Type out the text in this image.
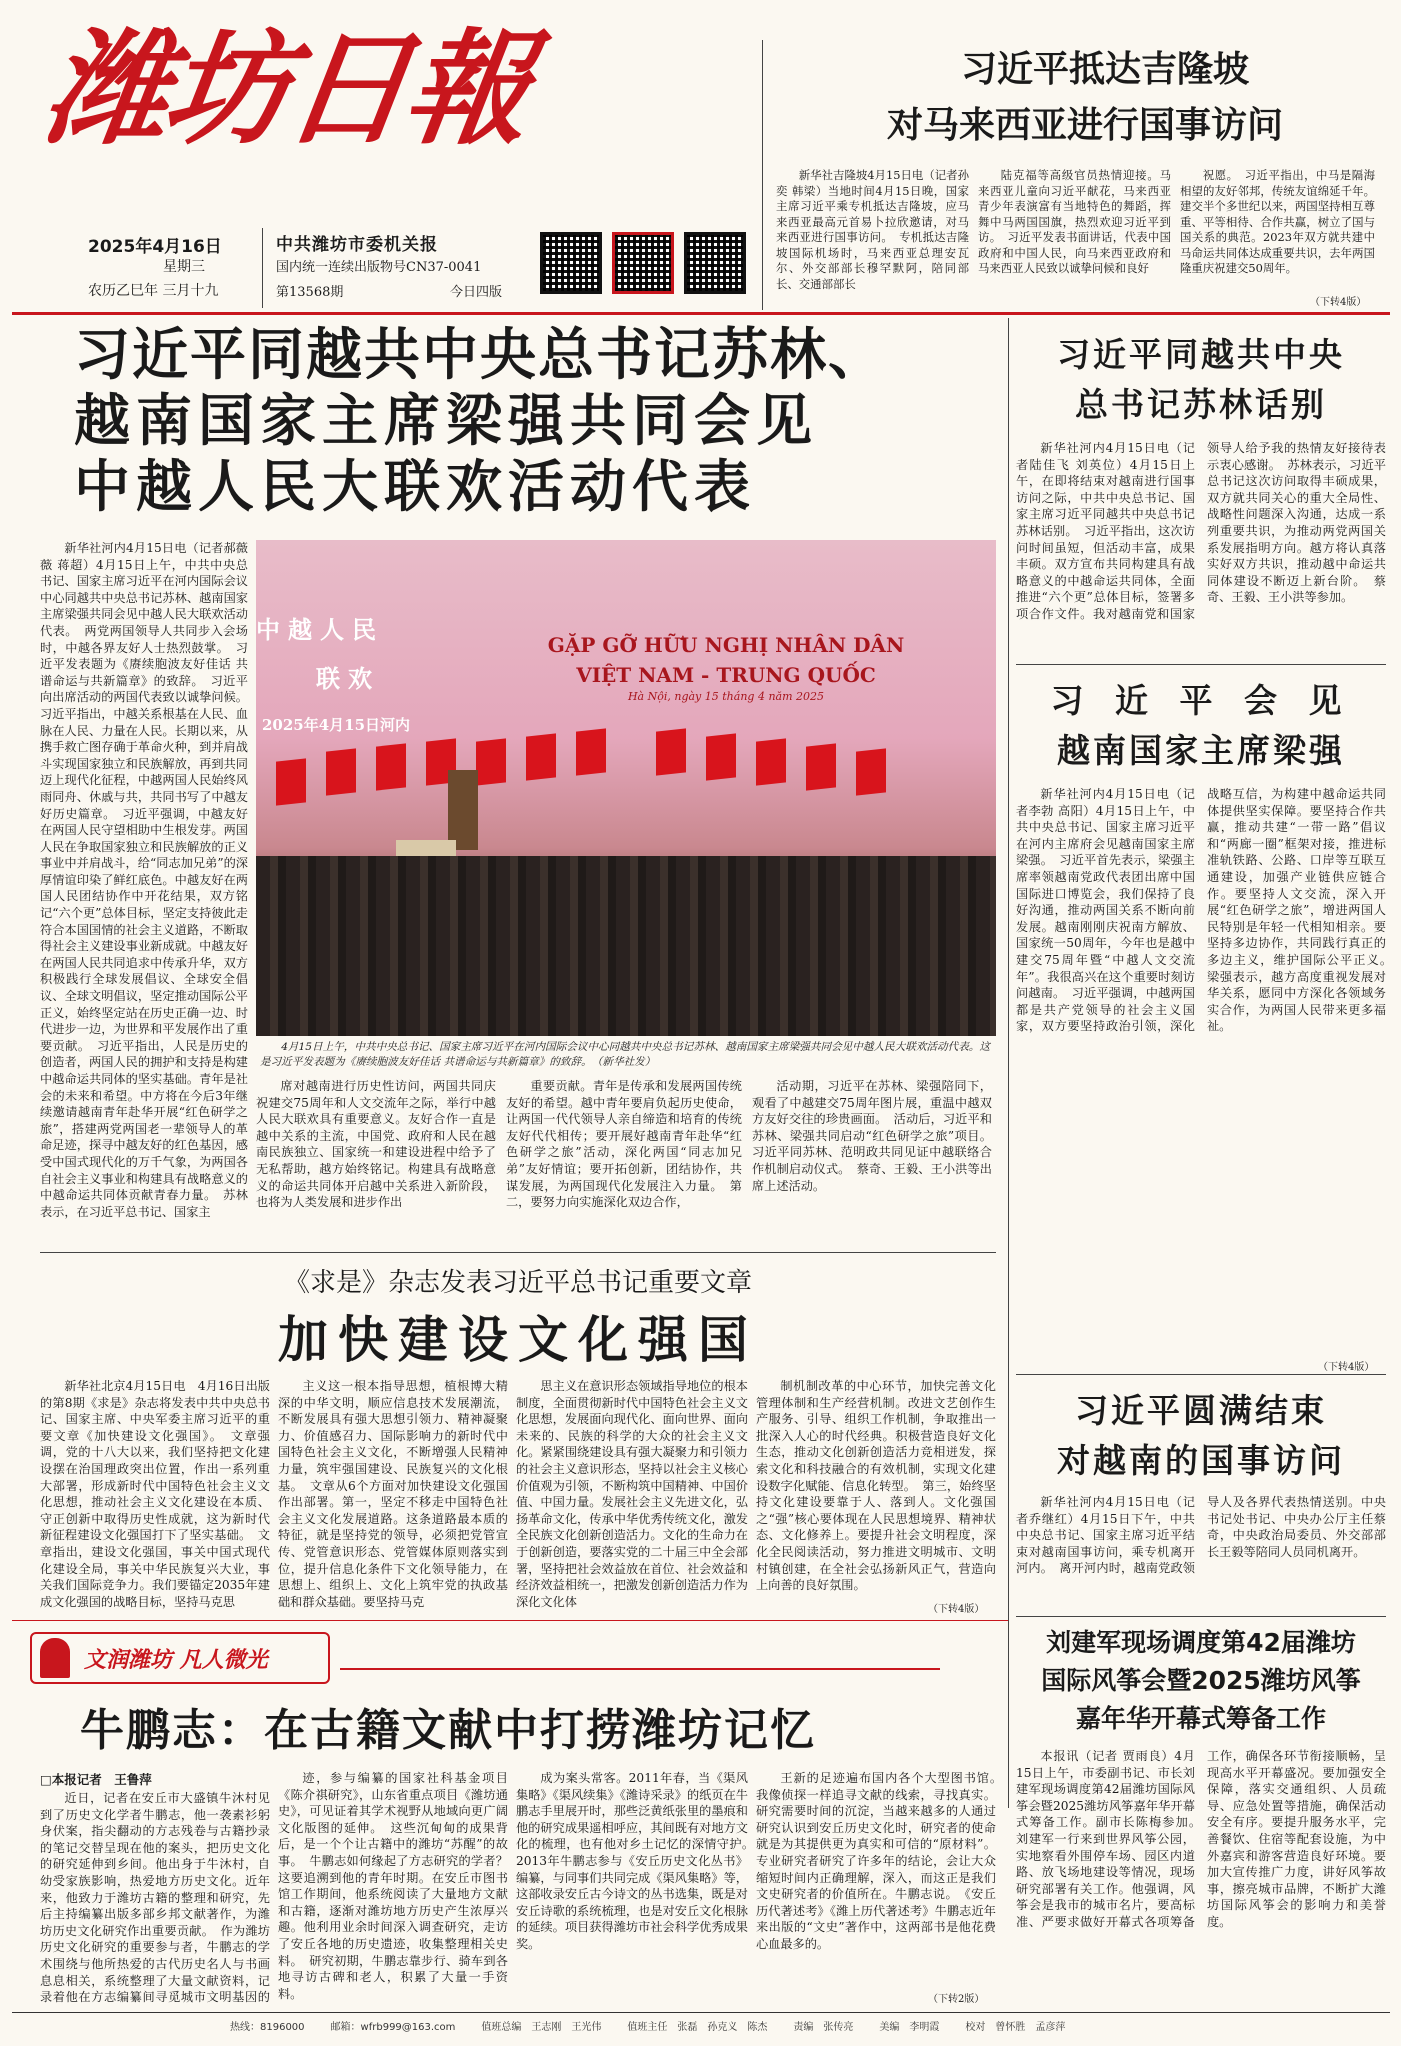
潍坊日報
2025年4月16日
星期三
农历乙巳年 三月十九
中共潍坊市委机关报
国内统一连续出版物号CN37-0041
第13568期	今日四版
习近平抵达吉隆坡
对马来西亚进行国事访问
新华社吉隆坡4月15日电（记者孙奕 韩梁）当地时间4月15日晚，国家主席习近平乘专机抵达吉隆坡，应马来西亚最高元首易卜拉欣邀请，对马来西亚进行国事访问。　专机抵达吉隆坡国际机场时，马来西亚总理安瓦尔、外交部部长穆罕默阿，陪同部长、交通部部长
陆克福等高级官员热情迎接。马来西亚儿童向习近平献花，马来西亚青少年表演富有当地特色的舞蹈，挥舞中马两国国旗，热烈欢迎习近平到访。　习近平发表书面讲话，代表中国政府和中国人民，向马来西亚政府和马来西亚人民致以诚挚问候和良好
祝愿。　习近平指出，中马是隔海相望的友好邻邦，传统友谊绵延千年。建交半个多世纪以来，两国坚持相互尊重、平等相待、合作共赢，树立了国与国关系的典范。2023年双方就共建中马命运共同体达成重要共识，去年两国隆重庆祝建交50周年。
（下转4版）
习近平同越共中央总书记苏林、
越南国家主席梁强共同会见
中越人民大联欢活动代表
新华社河内4月15日电（记者郝薇薇 蒋超）4月15日上午，中共中央总书记、国家主席习近平在河内国际会议中心同越共中央总书记苏林、越南国家主席梁强共同会见中越人民大联欢活动代表。　两党两国领导人共同步入会场时，中越各界友好人士热烈鼓掌。　习近平发表题为《赓续胞波友好佳话 共谱命运与共新篇章》的致辞。　习近平向出席活动的两国代表致以诚挚问候。习近平指出，中越关系根基在人民、血脉在人民、力量在人民。长期以来，从携手救亡图存确于革命火种，到并肩战斗实现国家独立和民族解放，再到共同迈上现代化征程，中越两国人民始终风雨同舟、休戚与共，共同书写了中越友好历史篇章。　习近平强调，中越友好在两国人民守望相助中生根发芽。两国人民在争取国家独立和民族解放的正义事业中并肩战斗，给“同志加兄弟”的深厚情谊印染了鲜红底色。中越友好在两国人民团结协作中开花结果，双方铭记“六个更”总体目标，坚定支持彼此走符合本国国情的社会主义道路，不断取得社会主义建设事业新成就。中越友好在两国人民共同追求中传承升华，双方积极践行全球发展倡议、全球安全倡议、全球文明倡议，坚定推动国际公平正义，始终坚定站在历史正确一边、时代进步一边，为世界和平发展作出了重要贡献。　习近平指出，人民是历史的创造者，两国人民的拥护和支持是构建中越命运共同体的坚实基础。青年是社会的未来和希望。中方将在今后3年继续邀请越南青年赴华开展“红色研学之旅”，搭建两党两国老一辈领导人的革命足迹，探寻中越友好的红色基因，感受中国式现代化的万千气象，为两国各自社会主义事业和构建具有战略意义的中越命运共同体贡献青春力量。　苏林表示，在习近平总书记、国家主
中越人民
联欢
2025年4月15日河内
GẶP GỠ HỮU NGHỊ NHÂN DÂN
VIỆT NAM - TRUNG QUỐC
Hà Nội, ngày 15 tháng 4 năm 2025
4月15日上午，中共中央总书记、国家主席习近平在河内国际会议中心同越共中央总书记苏林、越南国家主席梁强共同会见中越人民大联欢活动代表。这是习近平发表题为《赓续胞波友好佳话 共谱命运与共新篇章》的致辞。　（新华社发）
席对越南进行历史性访问，两国共同庆祝建交75周年和人文交流年之际，举行中越人民大联欢具有重要意义。友好合作一直是越中关系的主流，中国党、政府和人民在越南民族独立、国家统一和建设进程中给予了无私帮助，越方始终铭记。构建具有战略意义的命运共同体开启越中关系进入新阶段，也将为人类发展和进步作出
重要贡献。青年是传承和发展两国传统友好的希望。越中青年要肩负起历史使命，让两国一代代领导人亲自缔造和培育的传统友好代代相传；要开展好越南青年赴华“红色研学之旅”活动，深化两国“同志加兄弟”友好情谊；要开拓创新，团结协作，共谋发展，为两国现代化发展注入力量。　第二，要努力向实施深化双边合作，
活动期，习近平在苏林、梁强陪同下，观看了中越建交75周年图片展，重温中越双方友好交往的珍贵画面。　活动后，习近平和苏林、梁强共同启动“红色研学之旅”项目。习近平同苏林、范明政共同见证中越联络合作机制启动仪式。　蔡奇、王毅、王小洪等出席上述活动。
《求是》杂志发表习近平总书记重要文章
加快建设文化强国
新华社北京4月15日电　4月16日出版的第8期《求是》杂志将发表中共中央总书记、国家主席、中央军委主席习近平的重要文章《加快建设文化强国》。　文章强调，党的十八大以来，我们坚持把文化建设摆在治国理政突出位置，作出一系列重大部署，形成新时代中国特色社会主义文化思想，推动社会主义文化建设在本质、守正创新中取得历史性成就，这为新时代新征程建设文化强国打下了坚实基础。　文章指出，建设文化强国，事关中国式现代化建设全局，事关中华民族复兴大业，事关我们国际竞争力。我们要锚定2035年建成文化强国的战略目标，坚持马克思
主义这一根本指导思想，植根博大精深的中华文明，顺应信息技术发展潮流，不断发展具有强大思想引领力、精神凝聚力、价值感召力、国际影响力的新时代中国特色社会主义文化，不断增强人民精神力量，筑牢强国建设、民族复兴的文化根基。　文章从6个方面对加快建设文化强国作出部署。第一，坚定不移走中国特色社会主义文化发展道路。这条道路最本质的特征，就是坚持党的领导，必须把党管宣传、党管意识形态、党管媒体原则落实到位，提升信息化条件下文化领导能力，在思想上、组织上、文化上筑牢党的执政基础和群众基础。要坚持马克
思主义在意识形态领域指导地位的根本制度，全面贯彻新时代中国特色社会主义文化思想，发展面向现代化、面向世界、面向未来的、民族的科学的大众的社会主义文化。紧紧围绕建设具有强大凝聚力和引领力的社会主义意识形态，坚持以社会主义核心价值观为引领，不断构筑中国精神、中国价值、中国力量。发展社会主义先进文化，弘扬革命文化，传承中华优秀传统文化，激发全民族文化创新创造活力。文化的生命力在于创新创造，要落实党的二十届三中全会部署，坚持把社会效益放在首位、社会效益和经济效益相统一，把激发创新创造活力作为深化文化体
制机制改革的中心环节，加快完善文化管理体制和生产经营机制。改进文艺创作生产服务、引导、组织工作机制，争取推出一批深入人心的时代经典。积极营造良好文化生态，推动文化创新创造活力竞相迸发，探索文化和科技融合的有效机制，实现文化建设数字化赋能、信息化转型。　第三，始终坚持文化建设要靠于人、落到人。文化强国之“强”核心要体现在人民思想境界、精神状态、文化修养上。要提升社会文明程度，深化全民阅读活动，努力推进文明城市、文明村镇创建，在全社会弘扬新风正气，营造向上向善的良好氛围。
（下转4版）
文润潍坊 凡人微光
牛鹏志：在古籍文献中打捞潍坊记忆
□本报记者　王鲁萍
近日，记者在安丘市大盛镇牛沐村见到了历史文化学者牛鹏志，他一袭素衫躬身伏案，指尖翻动的方志残卷与古籍抄录的笔记交替呈现在他的案头，把历史文化的研究延伸到乡间。他出身于牛沐村，自幼受家族影响，热爱地方历史文化。近年来，他致力于潍坊古籍的整理和研究，先后主持编纂出版多部乡邦文献著作，为潍坊历史文化研究作出重要贡献。　作为潍坊历史文化研究的重要参与者，牛鹏志的学术围绕与他所热爱的古代历史名人与书画息息相关，系统整理了大量文献资料，记录着他在方志编纂间寻觅城市文明基因的
迹，参与编纂的国家社科基金项目《陈介祺研究》，山东省重点项目《潍坊通史》，可见证着其学术视野从地域向更广阔文化版图的延伸。　这些沉甸甸的成果背后，是一个个让古籍中的潍坊“苏醒”的故事。　牛鹏志如何缘起了方志研究的学者？这要追溯到他的青年时期。在安丘市图书馆工作期间，他系统阅读了大量地方文献和古籍，逐渐对潍坊地方历史产生浓厚兴趣。他利用业余时间深入调查研究，走访了安丘各地的历史遗迹，收集整理相关史料。　研究初期，牛鹏志靠步行、骑车到各地寻访古碑和老人，积累了大量一手资料。
成为案头常客。2011年春，当《渠风集略》《渠风续集》《潍诗采录》的纸页在牛鹏志手里展开时，那些泛黄纸张里的墨痕和他的研究成果遥相呼应，其间既有对地方文化的梳理，也有他对乡土记忆的深情守护。　2013年牛鹏志参与《安丘历史文化丛书》编纂，与同事们共同完成《渠风集略》等，这部收录安丘古今诗文的丛书选集，既是对安丘诗歌的系统梳理，也是对安丘文化根脉的延续。项目获得潍坊市社会科学优秀成果奖。
王新的足迹遍布国内各个大型图书馆。　我像侦探一样追寻文献的线索，寻找真实。研究需要时间的沉淀，当越来越多的人通过研究认识到安丘历史文化时，研究者的使命就是为其提供更为真实和可信的“原材料”。专业研究者研究了许多年的结论，会让大众缩短时间内正确理解，深入，而这正是我们文史研究者的价值所在。牛鹏志说。　《安丘历代著述考》《潍上历代著述考》牛鹏志近年来出版的“文史”著作中，这两部书是他花费心血最多的。
（下转2版）
习近平同越共中央
总书记苏林话别
新华社河内4月15日电（记者陆佳飞 刘英位）4月15日上午，在即将结束对越南进行国事访问之际，中共中央总书记、国家主席习近平同越共中央总书记苏林话别。　习近平指出，这次访问时间虽短，但活动丰富，成果丰硕。双方宣布共同构建具有战略意义的中越命运共同体，全面推进“六个更”总体目标，签署多项合作文件。我对越南党和国家领导人给予我的热情友好接待表示衷心感谢。　苏林表示，习近平总书记这次访问取得丰硕成果，双方就共同关心的重大全局性、战略性问题深入沟通，达成一系列重要共识，为推动两党两国关系发展指明方向。越方将认真落实好双方共识，推动越中命运共同体建设不断迈上新台阶。　蔡奇、王毅、王小洪等参加。
习 近 平 会 见
越南国家主席梁强
新华社河内4月15日电（记者李勃 高阳）4月15日上午，中共中央总书记、国家主席习近平在河内主席府会见越南国家主席梁强。　习近平首先表示，梁强主席率领越南党政代表团出席中国国际进口博览会，我们保持了良好沟通，推动两国关系不断向前发展。越南刚刚庆祝南方解放、国家统一50周年，今年也是越中建交75周年暨“中越人文交流年”。我很高兴在这个重要时刻访问越南。　习近平强调，中越两国都是共产党领导的社会主义国家，双方要坚持政治引领，深化战略互信，为构建中越命运共同体提供坚实保障。要坚持合作共赢，推动共建“一带一路”倡议和“两廊一圈”框架对接，推进标准轨铁路、公路、口岸等互联互通建设，加强产业链供应链合作。要坚持人文交流，深入开展“红色研学之旅”，增进两国人民特别是年轻一代相知相亲。要坚持多边协作，共同践行真正的多边主义，维护国际公平正义。　梁强表示，越方高度重视发展对华关系，愿同中方深化各领域务实合作，为两国人民带来更多福祉。
（下转4版）
习近平圆满结束
对越南的国事访问
新华社河内4月15日电（记者乔继红）4月15日下午，中共中央总书记、国家主席习近平结束对越南国事访问，乘专机离开河内。　离开河内时，越南党政领导人及各界代表热情送别。中央书记处书记、中央办公厅主任蔡奇，中央政治局委员、外交部部长王毅等陪同人员同机离开。
刘建军现场调度第42届潍坊
国际风筝会暨2025潍坊风筝
嘉年华开幕式筹备工作
本报讯（记者 贾雨良）4月15日上午，市委副书记、市长刘建军现场调度第42届潍坊国际风筝会暨2025潍坊风筝嘉年华开幕式筹备工作。副市长陈梅参加。　刘建军一行来到世界风筝公园，实地察看外围停车场、园区内道路、放飞场地建设等情况，现场研究部署有关工作。他强调，风筝会是我市的城市名片，要高标准、严要求做好开幕式各项筹备工作，确保各环节衔接顺畅，呈现高水平开幕盛况。要加强安全保障，落实交通组织、人员疏导、应急处置等措施，确保活动安全有序。要提升服务水平，完善餐饮、住宿等配套设施，为中外嘉宾和游客营造良好环境。要加大宣传推广力度，讲好风筝故事，擦亮城市品牌，不断扩大潍坊国际风筝会的影响力和美誉度。
热线：8196000	邮箱：wfrb999@163.com	值班总编　王志刚　王光伟	值班主任　张磊　孙克义　陈杰	责编　张传亮	美编　李明霞	校对　曾怀胜　孟彦萍
